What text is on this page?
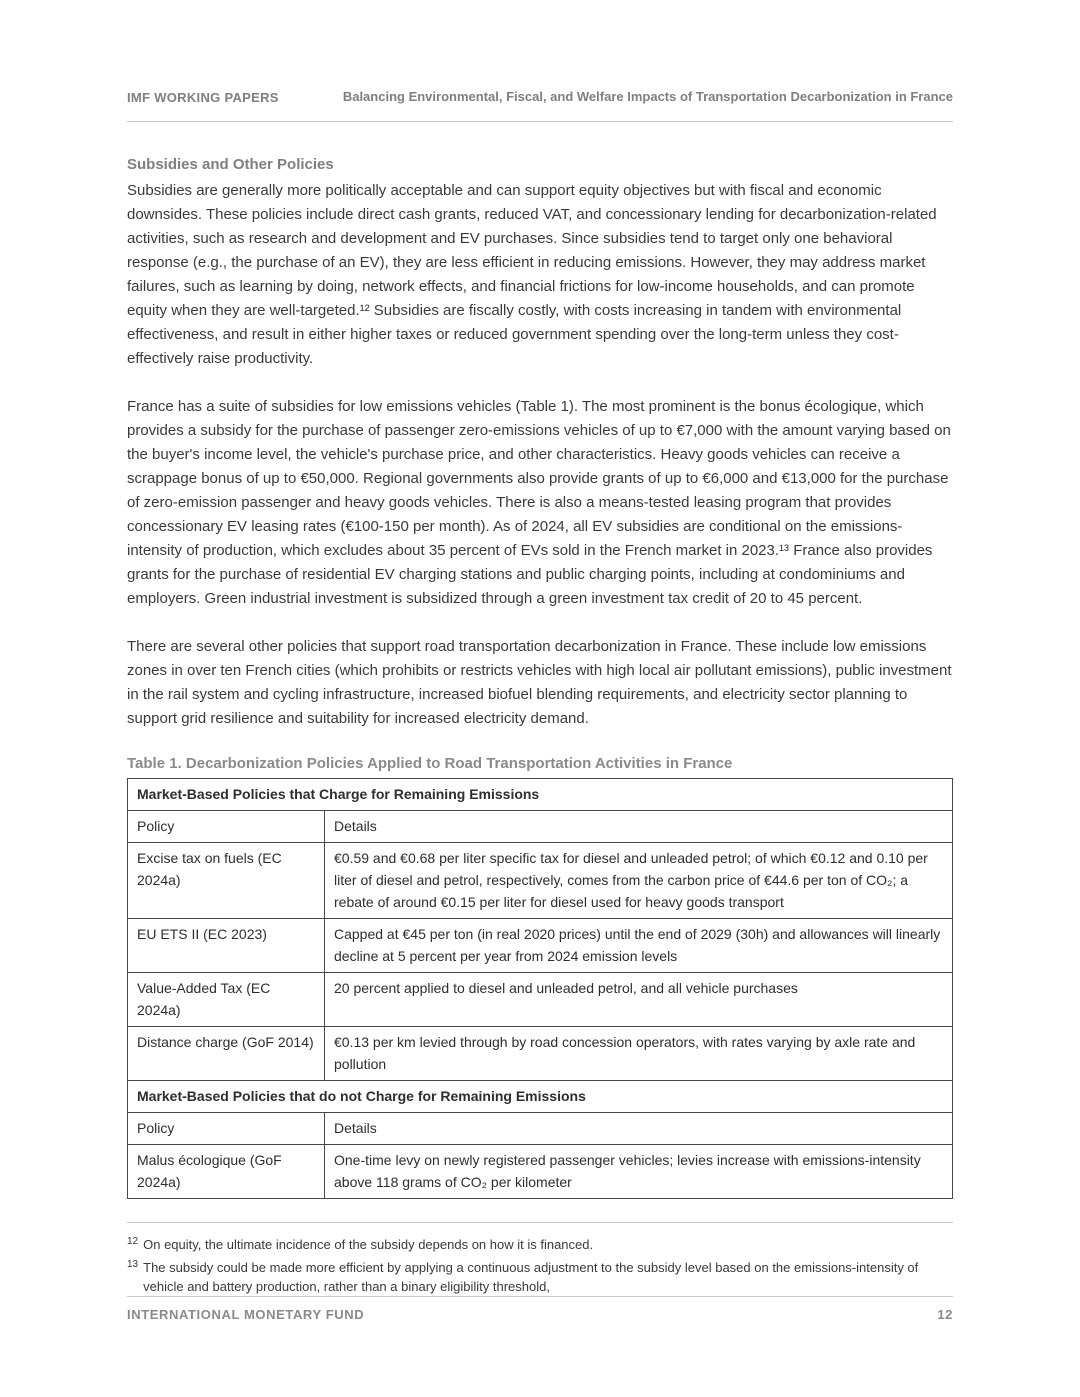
IMF WORKING PAPERS	Balancing Environmental, Fiscal, and Welfare Impacts of Transportation Decarbonization in France
Subsidies and Other Policies

Subsidies are generally more politically acceptable and can support equity objectives but with fiscal and economic downsides. These policies include direct cash grants, reduced VAT, and concessionary lending for decarbonization-related activities, such as research and development and EV purchases. Since subsidies tend to target only one behavioral response (e.g., the purchase of an EV), they are less efficient in reducing emissions. However, they may address market failures, such as learning by doing, network effects, and financial frictions for low-income households, and can promote equity when they are well-targeted.¹² Subsidies are fiscally costly, with costs increasing in tandem with environmental effectiveness, and result in either higher taxes or reduced government spending over the long-term unless they cost-effectively raise productivity.

France has a suite of subsidies for low emissions vehicles (Table 1). The most prominent is the bonus écologique, which provides a subsidy for the purchase of passenger zero-emissions vehicles of up to €7,000 with the amount varying based on the buyer's income level, the vehicle's purchase price, and other characteristics. Heavy goods vehicles can receive a scrappage bonus of up to €50,000. Regional governments also provide grants of up to €6,000 and €13,000 for the purchase of zero-emission passenger and heavy goods vehicles. There is also a means-tested leasing program that provides concessionary EV leasing rates (€100-150 per month). As of 2024, all EV subsidies are conditional on the emissions-intensity of production, which excludes about 35 percent of EVs sold in the French market in 2023.¹³ France also provides grants for the purchase of residential EV charging stations and public charging points, including at condominiums and employers. Green industrial investment is subsidized through a green investment tax credit of 20 to 45 percent.

There are several other policies that support road transportation decarbonization in France. These include low emissions zones in over ten French cities (which prohibits or restricts vehicles with high local air pollutant emissions), public investment in the rail system and cycling infrastructure, increased biofuel blending requirements, and electricity sector planning to support grid resilience and suitability for increased electricity demand.

Table 1. Decarbonization Policies Applied to Road Transportation Activities in France
Market-Based Policies that Charge for Remaining Emissions	
Policy	Details
Excise tax on fuels (EC 2024a)	€0.59 and €0.68 per liter specific tax for diesel and unleaded petrol; of which €0.12 and 0.10 per liter of diesel and petrol, respectively, comes from the carbon price of €44.6 per ton of CO₂; a rebate of around €0.15 per liter for diesel used for heavy goods transport
EU ETS II (EC 2023)	Capped at €45 per ton (in real 2020 prices) until the end of 2029 (30h) and allowances will linearly decline at 5 percent per year from 2024 emission levels
Value-Added Tax (EC 2024a)	20 percent applied to diesel and unleaded petrol, and all vehicle purchases
Distance charge (GoF 2014)	€0.13 per km levied through by road concession operators, with rates varying by axle rate and pollution
Market-Based Policies that do not Charge for Remaining Emissions	
Policy	Details
Malus écologique (GoF 2024a)	One-time levy on newly registered passenger vehicles; levies increase with emissions-intensity above 118 grams of CO₂ per kilometer
12 On equity, the ultimate incidence of the subsidy depends on how it is financed.
13 The subsidy could be made more efficient by applying a continuous adjustment to the subsidy level based on the emissions-intensity of vehicle and battery production, rather than a binary eligibility threshold,
INTERNATIONAL MONETARY FUND	12
